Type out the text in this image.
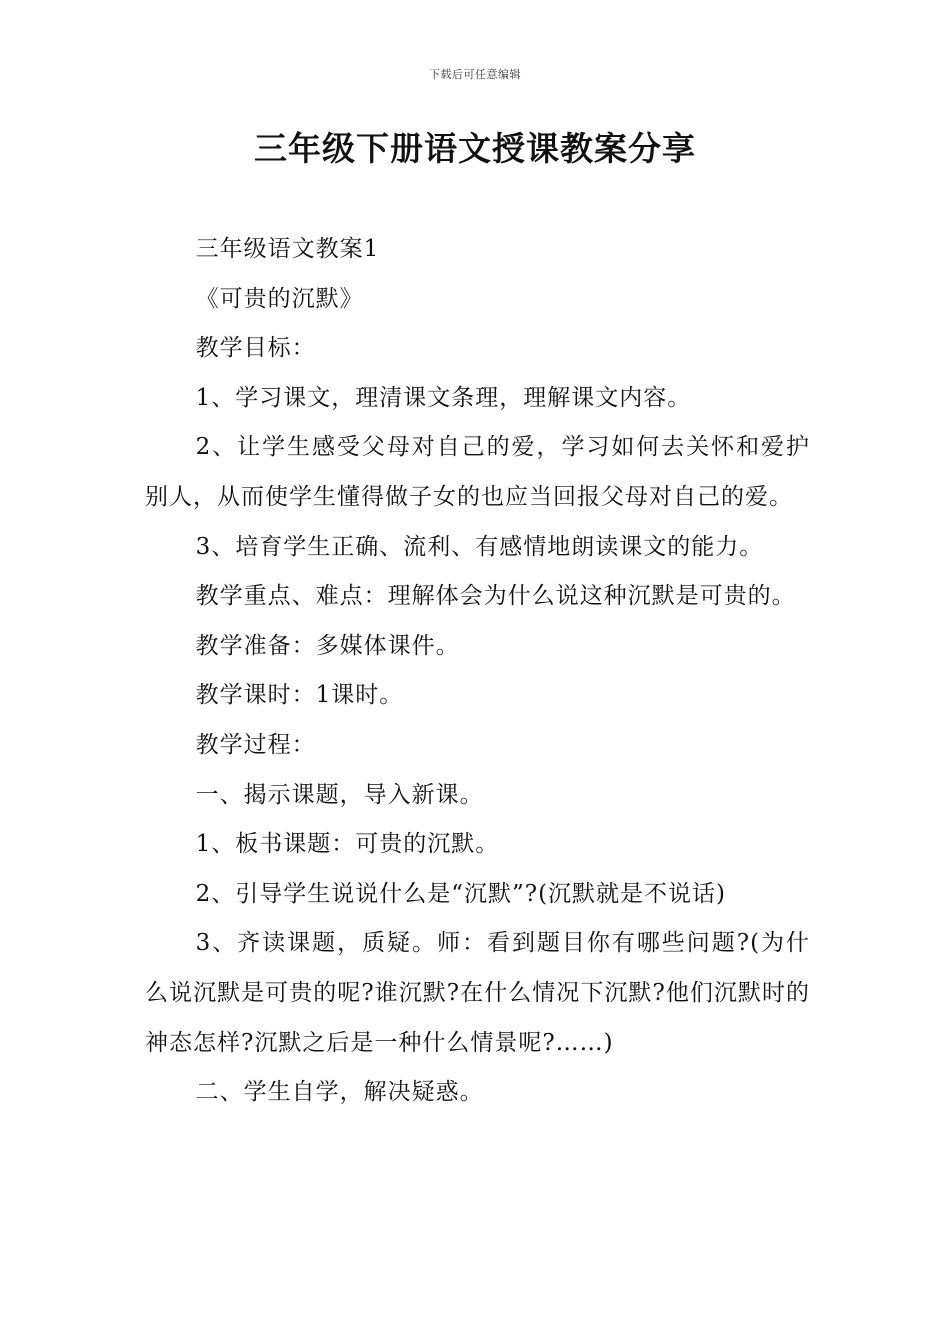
下载后可任意编辑
三年级下册语文授课教案分享

三年级语文教案1

《可贵的沉默》

教学目标：

1、学习课文，理清课文条理，理解课文内容。

2、让学生感受父母对自己的爱，学习如何去关怀和爱护别人，从而使学生懂得做子女的也应当回报父母对自己的爱。

3、培育学生正确、流利、有感情地朗读课文的能力。

教学重点、难点：理解体会为什么说这种沉默是可贵的。

教学准备：多媒体课件。

教学课时：1课时。

教学过程：

一、揭示课题，导入新课。

1、板书课题：可贵的沉默。

2、引导学生说说什么是“沉默”?(沉默就是不说话)

3、齐读课题，质疑。师：看到题目你有哪些问题?(为什么说沉默是可贵的呢?谁沉默?在什么情况下沉默?他们沉默时的神态怎样?沉默之后是一种什么情景呢?……)

二、学生自学，解决疑惑。
